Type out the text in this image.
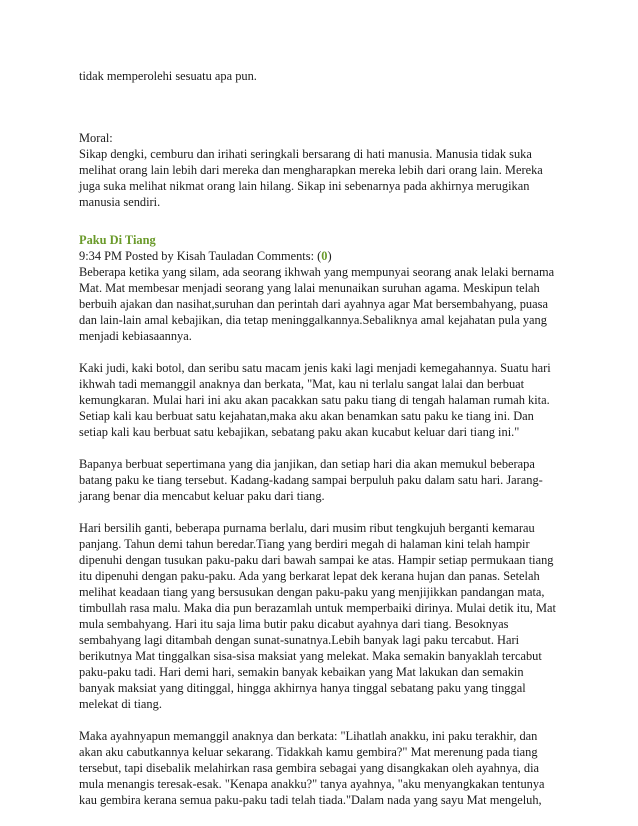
tidak memperolehi sesuatu apa pun.
Moral:
Sikap dengki, cemburu dan irihati seringkali bersarang di hati manusia. Manusia tidak suka
melihat orang lain lebih dari mereka dan mengharapkan mereka lebih dari orang lain. Mereka
juga suka melihat nikmat orang lain hilang. Sikap ini sebenarnya pada akhirnya merugikan
manusia sendiri.
Paku Di Tiang
9:34 PM Posted by Kisah Tauladan Comments: (0)
Beberapa ketika yang silam, ada seorang ikhwah yang mempunyai seorang anak lelaki bernama
Mat. Mat membesar menjadi seorang yang lalai menunaikan suruhan agama. Meskipun telah
berbuih ajakan dan nasihat,suruhan dan perintah dari ayahnya agar Mat bersembahyang, puasa
dan lain-lain amal kebajikan, dia tetap meninggalkannya.Sebaliknya amal kejahatan pula yang
menjadi kebiasaannya.
Kaki judi, kaki botol, dan seribu satu macam jenis kaki lagi menjadi kemegahannya. Suatu hari
ikhwah tadi memanggil anaknya dan berkata, "Mat, kau ni terlalu sangat lalai dan berbuat
kemungkaran. Mulai hari ini aku akan pacakkan satu paku tiang di tengah halaman rumah kita.
Setiap kali kau berbuat satu kejahatan,maka aku akan benamkan satu paku ke tiang ini. Dan
setiap kali kau berbuat satu kebajikan, sebatang paku akan kucabut keluar dari tiang ini."
Bapanya berbuat sepertimana yang dia janjikan, dan setiap hari dia akan memukul beberapa
batang paku ke tiang tersebut. Kadang-kadang sampai berpuluh paku dalam satu hari. Jarang-
jarang benar dia mencabut keluar paku dari tiang.
Hari bersilih ganti, beberapa purnama berlalu, dari musim ribut tengkujuh berganti kemarau
panjang. Tahun demi tahun beredar.Tiang yang berdiri megah di halaman kini telah hampir
dipenuhi dengan tusukan paku-paku dari bawah sampai ke atas. Hampir setiap permukaan tiang
itu dipenuhi dengan paku-paku. Ada yang berkarat lepat dek kerana hujan dan panas. Setelah
melihat keadaan tiang yang bersusukan dengan paku-paku yang menjijikkan pandangan mata,
timbullah rasa malu. Maka dia pun berazamlah untuk memperbaiki dirinya. Mulai detik itu, Mat
mula sembahyang. Hari itu saja lima butir paku dicabut ayahnya dari tiang. Besoknyas
sembahyang lagi ditambah dengan sunat-sunatnya.Lebih banyak lagi paku tercabut. Hari
berikutnya Mat tinggalkan sisa-sisa maksiat yang melekat. Maka semakin banyaklah tercabut
paku-paku tadi. Hari demi hari, semakin banyak kebaikan yang Mat lakukan dan semakin
banyak maksiat yang ditinggal, hingga akhirnya hanya tinggal sebatang paku yang tinggal
melekat di tiang.
Maka ayahnyapun memanggil anaknya dan berkata: "Lihatlah anakku, ini paku terakhir, dan
akan aku cabutkannya keluar sekarang. Tidakkah kamu gembira?" Mat merenung pada tiang
tersebut, tapi disebalik melahirkan rasa gembira sebagai yang disangkakan oleh ayahnya, dia
mula menangis teresak-esak. "Kenapa anakku?" tanya ayahnya, "aku menyangkakan tentunya
kau gembira kerana semua paku-paku tadi telah tiada."Dalam nada yang sayu Mat mengeluh,
